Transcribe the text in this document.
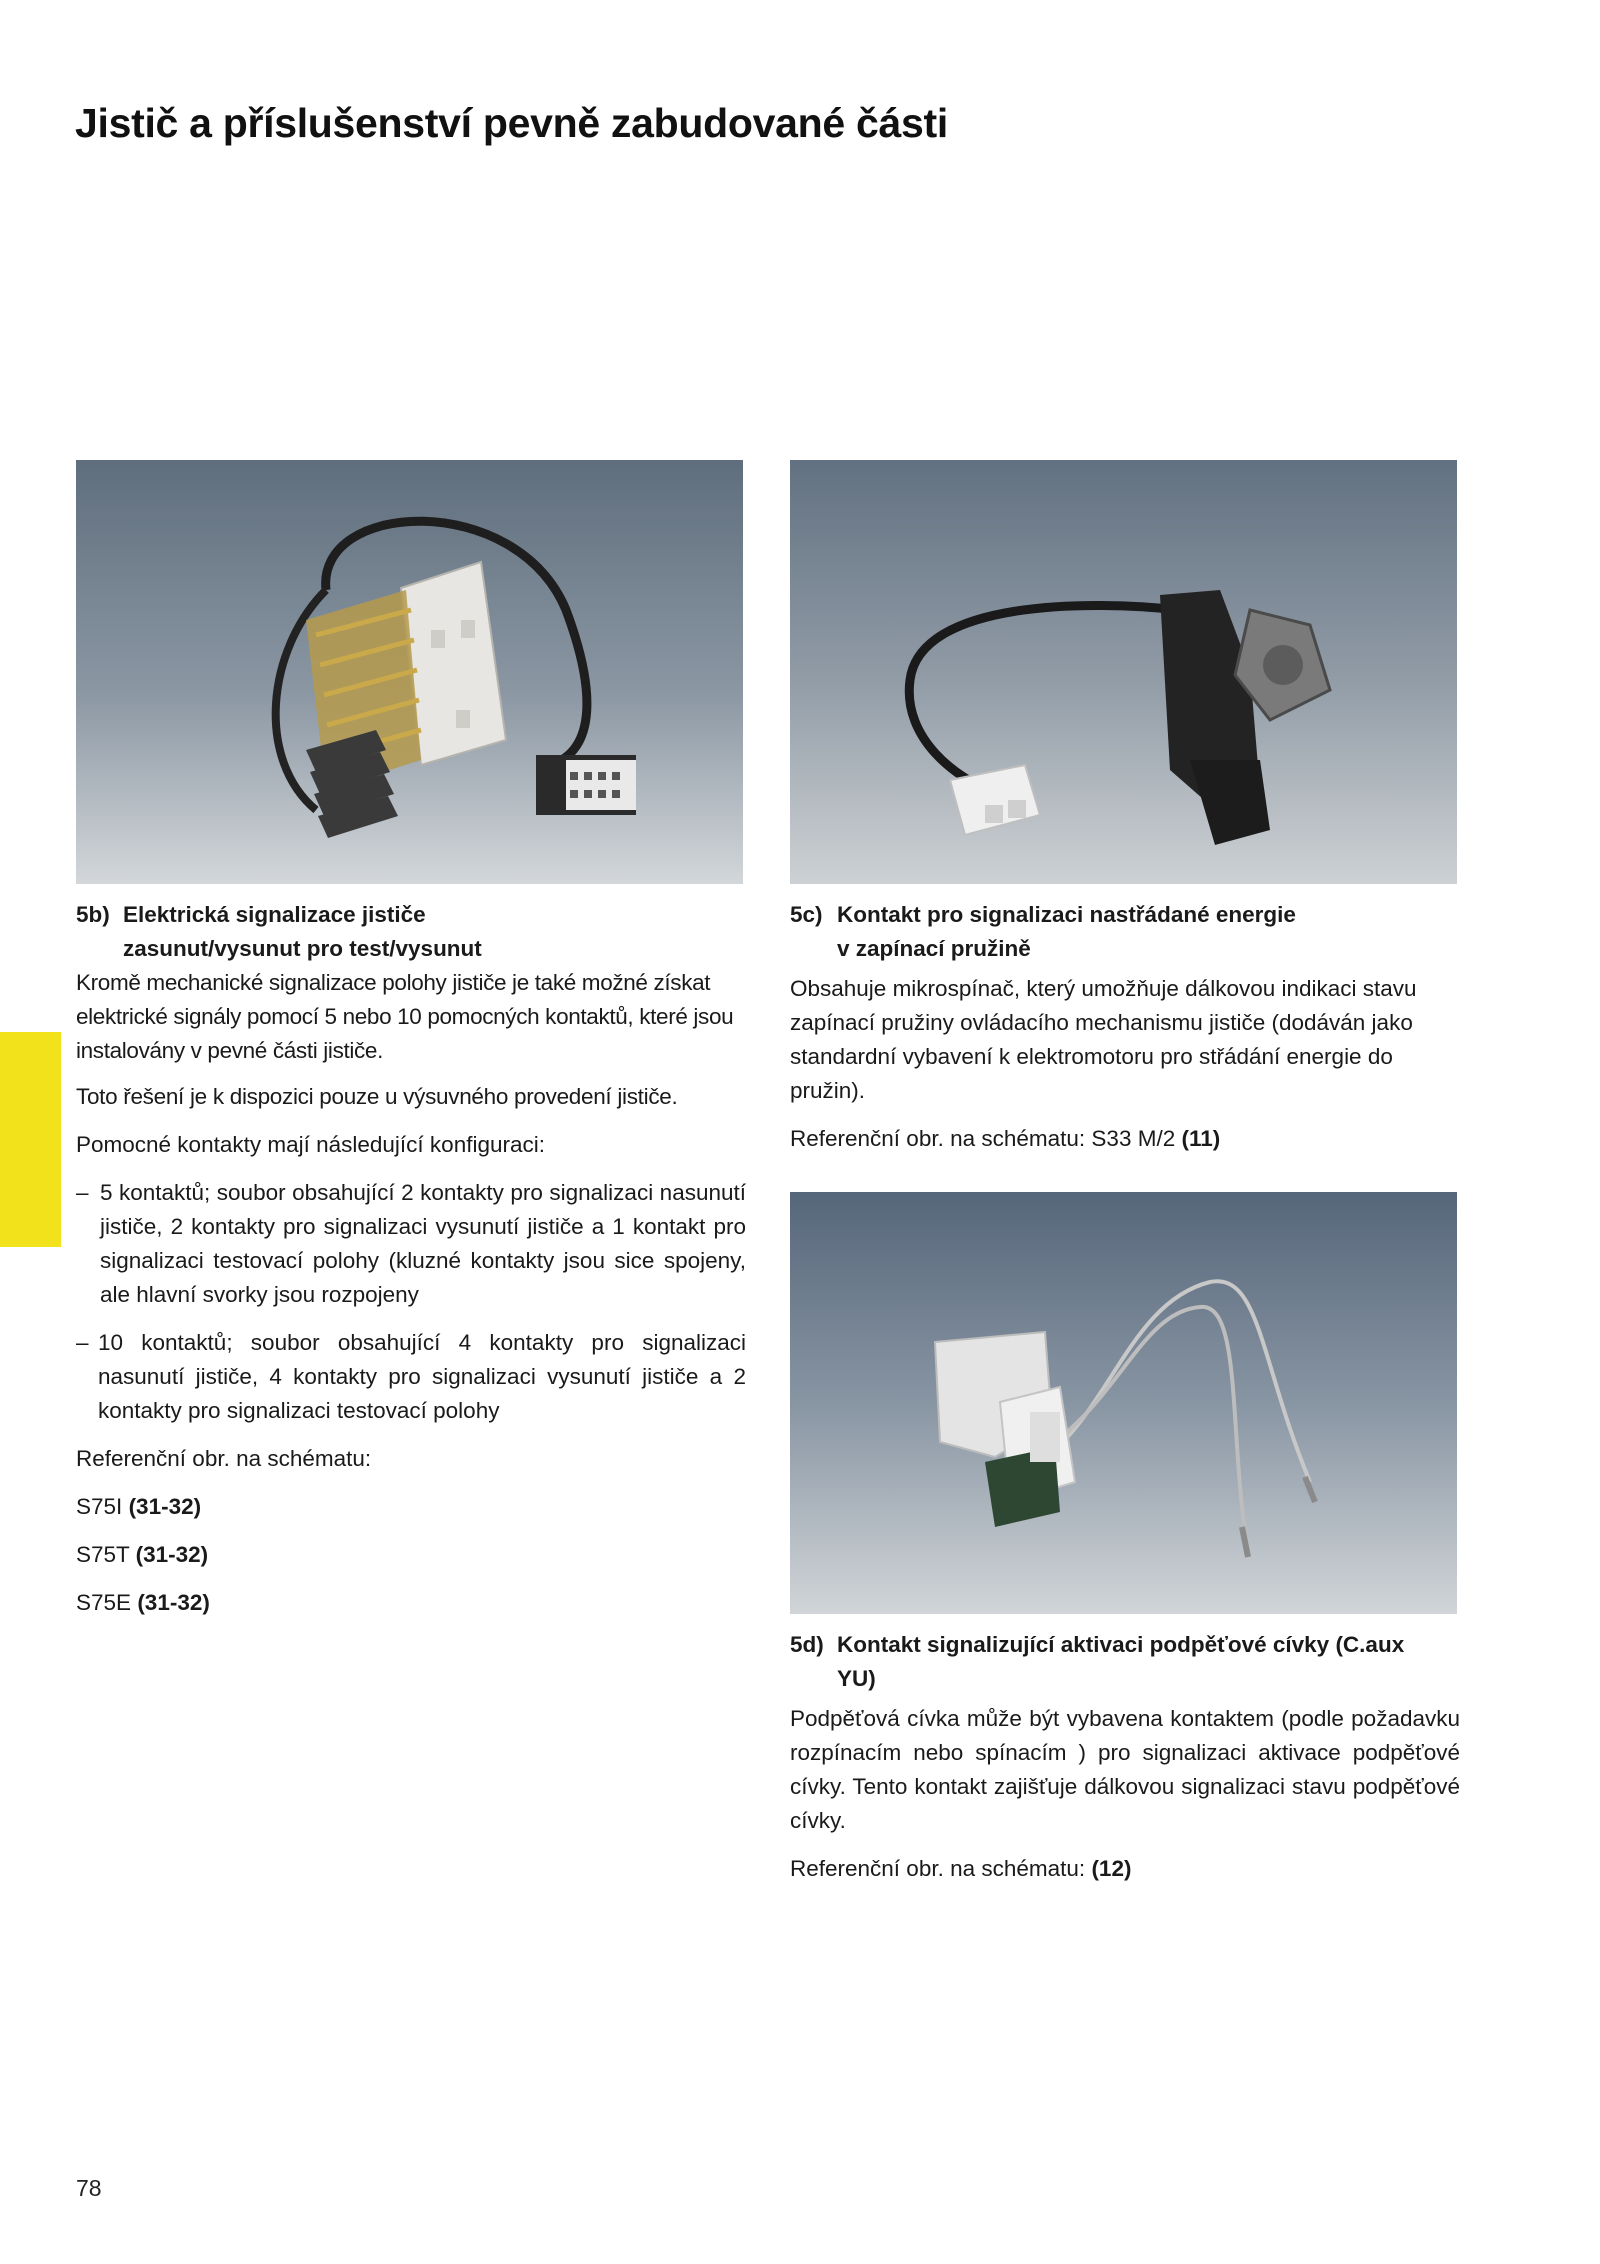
Jistič a příslušenství pevně zabudované části
5b) Elektrická signalizace jističe
zasunut/vysunut pro test/vysunut

Kromě mechanické signalizace polohy jističe je také možné získat elektrické signály pomocí 5 nebo 10 pomocných kontaktů, které jsou instalovány v pevné části jističe.

Toto řešení je k dispozici pouze u výsuvného provedení jističe.

Pomocné kontakty mají následující konfiguraci:

– 5 kontaktů; soubor obsahující 2 kontakty pro signalizaci nasunutí jističe, 2 kontakty pro signalizaci vysunutí jističe a 1 kontakt pro signalizaci testovací polohy (kluzné kontakty jsou sice spojeny, ale hlavní svorky jsou rozpojeny
– 10 kontaktů; soubor obsahující 4 kontakty pro signalizaci nasunutí jističe, 4 kontakty pro signalizaci vysunutí jističe a 2 kontakty pro signalizaci testovací polohy

Referenční obr. na schématu:

S75I (31-32)

S75T (31-32)

S75E (31-32)

5c) Kontakt pro signalizaci nastřádané energie
v zapínací pružině

Obsahuje mikrospínač, který umožňuje dálkovou indikaci stavu zapínací pružiny ovládacího mechanismu jističe (dodáván jako standardní vybavení k elektromotoru pro střádání energie do pružin).

Referenční obr. na schématu: S33 M/2 (11)

5d) Kontakt signalizující aktivaci podpěťové cívky (C.aux
YU)

Podpěťová cívka může být vybavena kontaktem (podle požadavku rozpínacím nebo spínacím ) pro signalizaci aktivace podpěťové cívky. Tento kontakt zajišťuje dálkovou signalizaci stavu podpěťové cívky.

Referenční obr. na schématu: (12)

78
